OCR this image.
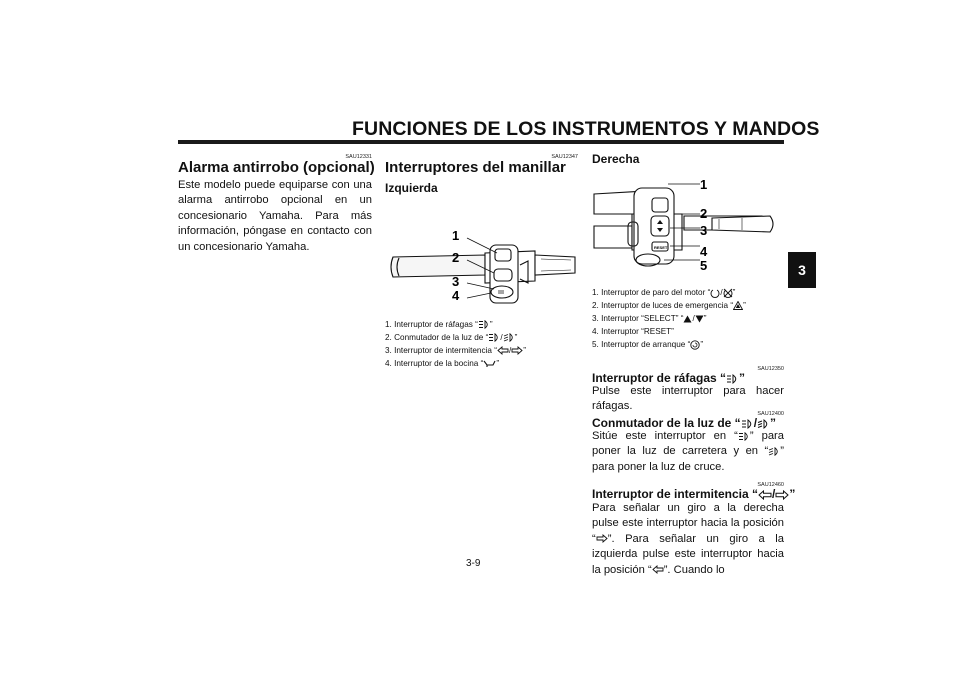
FUNCIONES DE LOS INSTRUMENTOS Y MANDOS
3
SAU12331
Alarma antirrobo (opcional)
Este modelo puede equiparse con una alarma antirrobo opcional en un concesionario Yamaha. Para más información, póngase en contacto con un concesionario Yamaha.
SAU12347
Interruptores del manillar
Izquierda
1
2
3
4
1. Interruptor de ráfagas “ ”
2. Conmutador de la luz de “ / ”
3. Interruptor de intermitencia “ / ”
4. Interruptor de la bocina “ ”
Derecha
RESET
1
2
3
4
5
1. Interruptor de paro del motor “ / ”
2. Interruptor de luces de emergencia “ ”
3. Interruptor “SELECT” “ / ”
4. Interruptor “RESET”
5. Interruptor de arranque “ ”
SAU12350
Interruptor de ráfagas “ ”
Pulse este interruptor para hacer ráfagas.
SAU12400
Conmutador de la luz de “ / ”
Sitúe este interruptor en “ ” para poner la luz de carretera y en “ ” para poner la luz de cruce.
SAU12460
Interruptor de intermitencia “ / ”
Para señalar un giro a la derecha pulse este interruptor hacia la posición “ ”. Para señalar un giro a la izquierda pulse este interruptor hacia la posición “ ”. Cuando lo
3-9
